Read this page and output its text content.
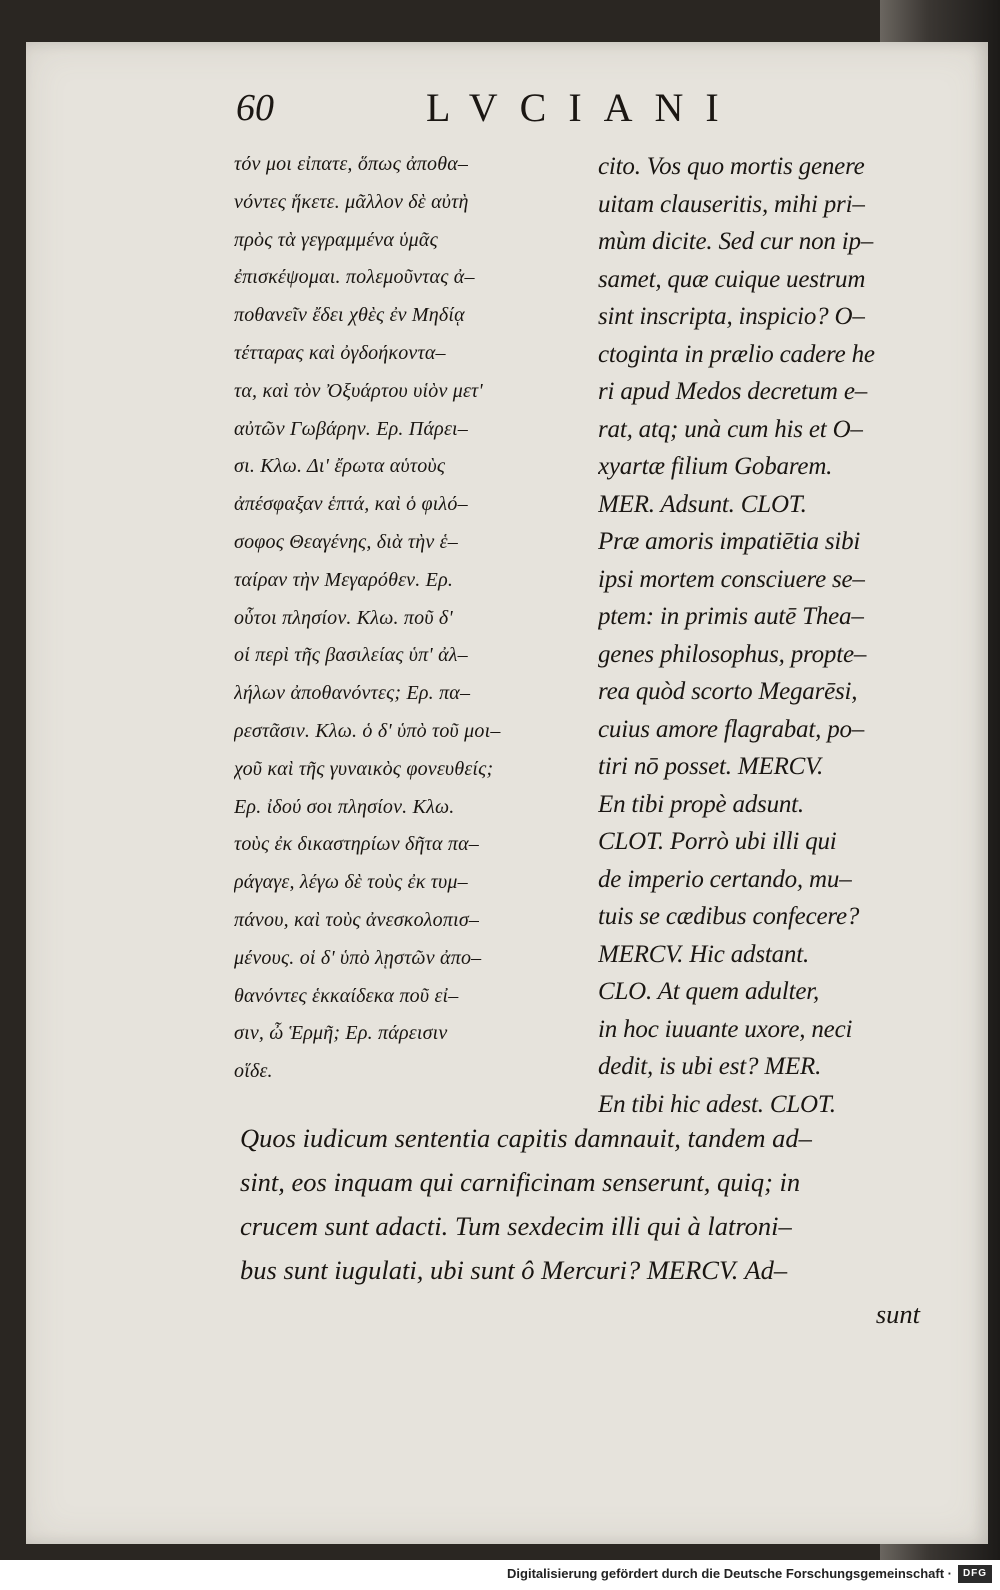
60	LVCIANI
τόν μοι εἰπατε, ὅπως ἀποθα–
νόντες ἥκετε. μᾶλλον δὲ αὐτὴ
πρὸς τὰ γεγραμμένα ὑμᾶς
ἐπισκέψομαι. πολεμοῦντας ἀ–
ποθανεῖν ἔδει χθὲς ἐν Μηδίᾳ
τέτταρας καὶ ὀγδοήκοντα–
τα, καὶ τὸν Ὀξυάρτου υἱὸν μετ'
αὐτῶν Γωβάρην. Ερ. Πάρει–
σι. Κλω. Δι' ἔρωτα αὑτοὺς
ἀπέσφαξαν ἑπτά, καὶ ὁ φιλό–
σοφος Θεαγένης, διὰ τὴν ἑ–
ταίραν τὴν Μεγαρόθεν. Ερ.
οὗτοι πλησίον. Κλω. ποῦ δ'
οἱ περὶ τῆς βασιλείας ὑπ' ἀλ–
λήλων ἀποθανόντες; Ερ. πα–
ρεστᾶσιν. Κλω. ὁ δ' ὑπὸ τοῦ μοι–
χοῦ καὶ τῆς γυναικὸς φονευθείς;
Ερ. ἰδού σοι πλησίον. Κλω.
τοὺς ἐκ δικαστηρίων δῆτα πα–
ράγαγε, λέγω δὲ τοὺς ἐκ τυμ–
πάνου, καὶ τοὺς ἀνεσκολοπισ–
μένους. οἱ δ' ὑπὸ λῃστῶν ἀπο–
θανόντες ἑκκαίδεκα ποῦ εἰ–
σιν, ὦ Ἑρμῆ; Ερ. πάρεισιν
οἵδε.
cito. Vos quo mortis genere
uitam clauseritis, mihi pri–
mùm dicite. Sed cur non ip–
samet, quæ cuique uestrum
sint inscripta, inspicio? O–
ctoginta in prælio cadere he
ri apud Medos decretum e–
rat, atq; unà cum his et O–
xyartæ filium Gobarem.
MER. Adsunt. CLOT.
Præ amoris impatiētia sibi
ipsi mortem consciuere se–
ptem: in primis autē Thea–
genes philosophus, propte–
rea quòd scorto Megarēsi,
cuius amore flagrabat, po–
tiri nō posset. MERCV.
En tibi propè adsunt.
CLOT. Porrò ubi illi qui
de imperio certando, mu–
tuis se cædibus confecere?
MERCV. Hic adstant.
CLO. At quem adulter,
in hoc iuuante uxore, neci
dedit, is ubi est? MER.
En tibi hic adest. CLOT.
Quos iudicum sententia capitis damnauit, tandem ad–
sint, eos inquam qui carnificinam senserunt, quiq; in
crucem sunt adacti. Tum sexdecim illi qui à latroni–
bus sunt iugulati, ubi sunt ô Mercuri? MERCV. Ad–
sunt
Digitalisierung gefördert durch die Deutsche Forschungsgemeinschaft ·	DFG
